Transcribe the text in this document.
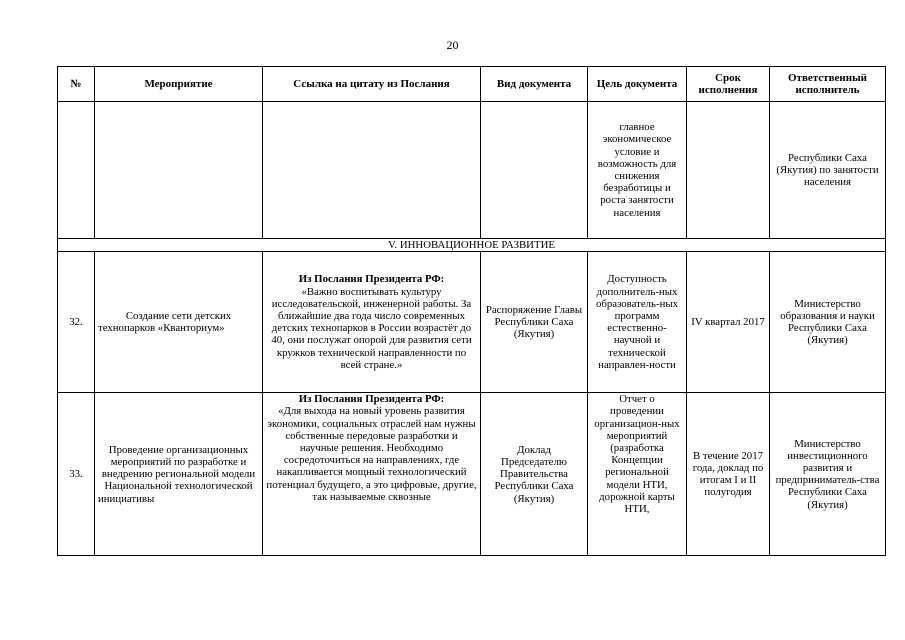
20
№	Мероприятие	Ссылка на цитату из Послания	Вид документа	Цель документа	Срок исполнения	Ответственный исполнитель
				главное экономическое условие и возможность для снижения безработицы и роста занятости населения		Республики Саха (Якутия) по занятости населения
V. ИННОВАЦИОННОЕ РАЗВИТИЕ						
32.	Создание сети детских технопарков «Кванториум»	Из Послания Президента РФ:
«Важно воспитывать культуру исследовательской, инженерной работы. За ближайшие два года число современных детских технопарков в России возрастёт до 40, они послужат опорой для развития сети кружков технической направленности по всей стране.»	Распоряжение Главы Республики Саха (Якутия)	Доступность дополнитель-ных образователь-ных программ естественно-научной и технической направлен-ности	IV квартал 2017	Министерство образования и науки Республики Саха (Якутия)
33.	Проведение организационных мероприятий по разработке и внедрению региональной модели Национальной технологической инициативы	Из Послания Президента РФ:
«Для выхода на новый уровень развития экономики, социальных отраслей нам нужны собственные передовые разработки и научные решения. Необходимо сосредоточиться на направлениях, где накапливается мощный технологический потенциал будущего, а это цифровые, другие, так называемые сквозные	Доклад Председателю Правительства Республики Саха (Якутия)	Отчет о проведении организацион-ных мероприятий (разработка Концепции региональной модели НТИ, дорожной карты НТИ,	В течение 2017 года, доклад по итогам I и II полугодия	Министерство инвестиционного развития и предприниматель-ства Республики Саха (Якутия)
